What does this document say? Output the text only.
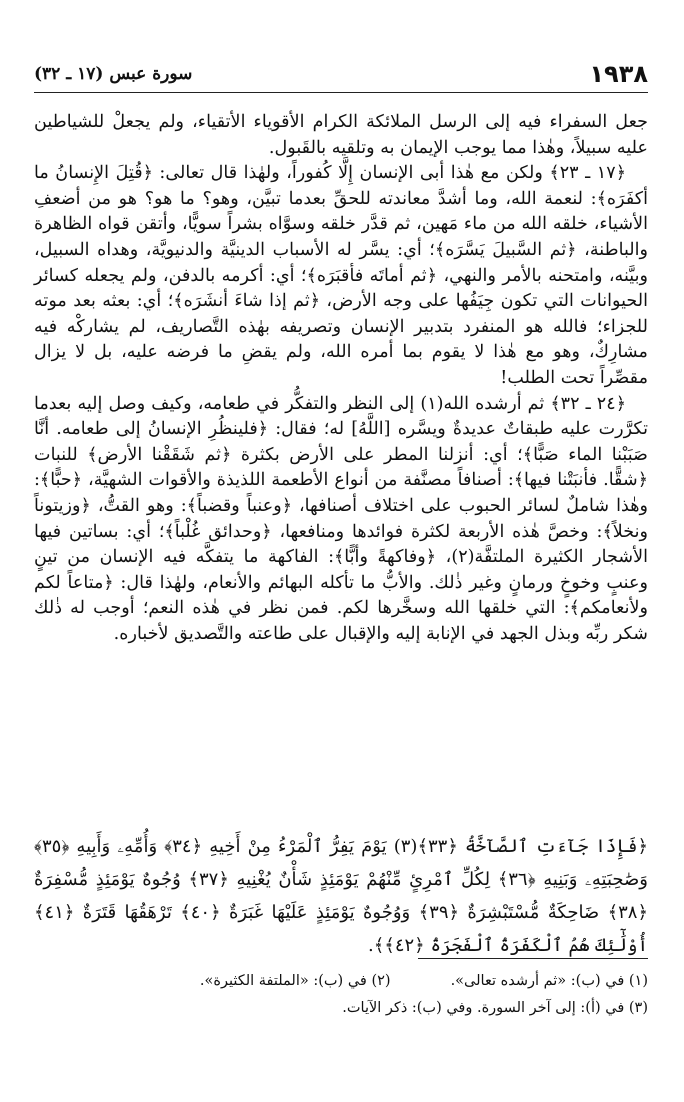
١٩٣٨
سورة عبس (١٧ ـ ٣٢)

جعل السفراء فيه إلى الرسل الملائكة الكرام الأقوياء الأتقياء، ولم يجعلْ للشياطين عليه سبيلاً، وهٰذا مما يوجب الإيمان به وتلقيه بالقَبول.

﴿١٧ ـ ٢٣﴾ ولكن مع هٰذا أبى الإنسان إِلَّا كُفوراً، ولهٰذا قال تعالى: ﴿قُتِلَ الإِنسانُ ما أكفَرَه﴾: لنعمة الله، وما أشدَّ معاندته للحقِّ بعدما تبيَّن، وهو؟ ما هو؟ هو من أضعفِ الأشياء، خلقه الله من ماء مَهين، ثم قدَّر خلقه وسوَّاه بشراً سويًّا، وأتقن قواه الظاهرة والباطنة، ﴿ثم السَّبيلَ يَسَّرَه﴾؛ أي: يسَّر له الأسباب الدينيَّة والدنيويَّة، وهداه السبيل، وبيَّنه، وامتحنه بالأمر والنهي، ﴿ثم أماتَه فأقبَرَه﴾؛ أي: أكرمه بالدفن، ولم يجعله كسائر الحيوانات التي تكون جِيَفُها على وجه الأرض، ﴿ثم إذا شاءَ أنشَرَه﴾؛ أي: بعثه بعد موته للجزاء؛ فالله هو المنفرد بتدبير الإنسان وتصريفه بهٰذه التَّصاريف، لم يشاركْه فيه مشارِكٌ، وهو مع هٰذا لا يقوم بما أمره الله، ولم يقضِ ما فرضه عليه، بل لا يزال مقصِّراً تحت الطلب!

﴿٢٤ ـ ٣٢﴾ ثم أرشده الله(١) إلى النظر والتفكُّر في طعامه، وكيف وصل إليه بعدما تكرَّرت عليه طبقاتٌ عديدةٌ ويسَّره [اللَّهُ] له؛ فقال: ﴿فلينظُرِ الإنسانُ إلى طعامه. أنَّا صَبَبْنا الماء صَبًّا﴾؛ أي: أنزلنا المطر على الأرض بكثرة ﴿ثم شَقَقْنا الأرض﴾ للنبات ﴿شقًّا. فأنبَتْنا فيها﴾: أصنافاً مصنَّفة من أنواع الأطعمة اللذيذة والأقوات الشهيَّة، ﴿حبًّا﴾: وهٰذا شاملٌ لسائر الحبوب على اختلاف أصنافها، ﴿وعنباً وقضباً﴾: وهو القتُّ، ﴿وزيتوناً ونخلاً﴾: وخصَّ هٰذه الأربعة لكثرة فوائدها ومنافعها، ﴿وحدائق غُلْباً﴾؛ أي: بساتين فيها الأشجار الكثيرة الملتفَّة(٢)، ﴿وفاكهةً وأبًّا﴾: الفاكهة ما يتفكَّه فيه الإنسان من تينٍ وعنبٍ وخوخٍ ورمانٍ وغير ذٰلك. والأبُّ ما تأكله البهائم والأنعام، ولهٰذا قال: ﴿متاعاً لكم ولأنعامكم﴾: التي خلقها الله وسخَّرها لكم. فمن نظر في هٰذه النعم؛ أوجب له ذٰلك شكر ربِّه وبذل الجهد في الإنابة إليه والإقبال على طاعته والتَّصديق لأخباره.

﴿فَإِذَا جَآءَتِ ٱلصَّآخَّةُ ﴿٣٣﴾(٣) يَوْمَ يَفِرُّ ٱلْمَرْءُ مِنْ أَخِيهِ ﴿٣٤﴾ وَأُمِّهِۦ وَأَبِيهِ ﴿٣٥﴾ وَصَٰحِبَتِهِۦ وَبَنِيهِ ﴿٣٦﴾ لِكُلِّ ٱمْرِئٍ مِّنْهُمْ يَوْمَئِذٍ شَأْنٌ يُغْنِيهِ ﴿٣٧﴾ وُجُوهٌ يَوْمَئِذٍ مُّسْفِرَةٌ ﴿٣٨﴾ ضَاحِكَةٌ مُّسْتَبْشِرَةٌ ﴿٣٩﴾ وَوُجُوهٌ يَوْمَئِذٍ عَلَيْهَا غَبَرَةٌ ﴿٤٠﴾ تَرْهَقُهَا قَتَرَةٌ ﴿٤١﴾ أُوْلَٰٓئِكَ هُمُ ٱلْكَفَرَةُ ٱلْفَجَرَةُ ﴿٤٢﴾﴾.
(١) في (ب): «ثم أرشده تعالى».
(٢) في (ب): «الملتفة الكثيرة».
(٣) في (أ): إلى آخر السورة. وفي (ب): ذكر الآيات.
